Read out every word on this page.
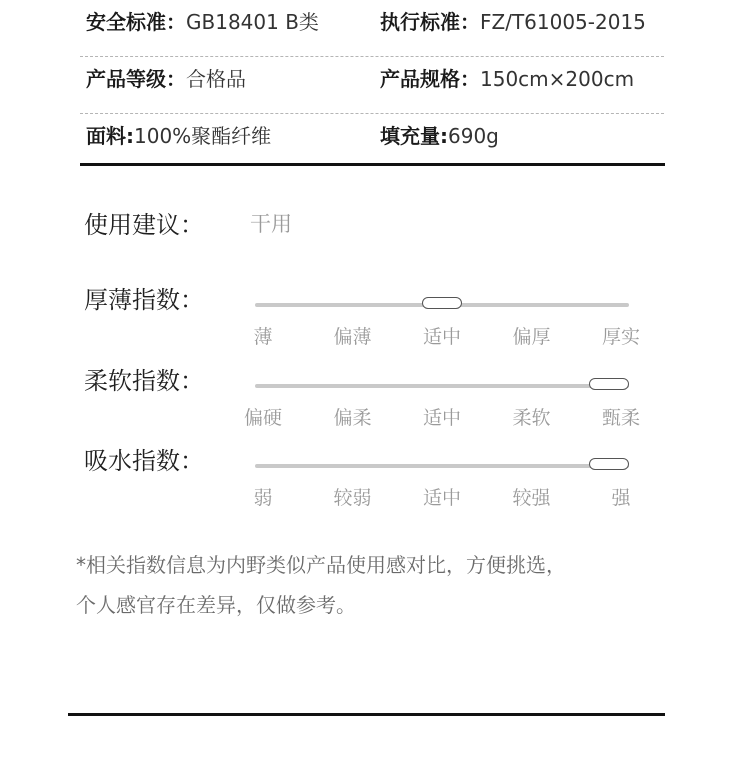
安全标准：GB18401 B类	执行标准：FZ/T61005-2015
产品等级：合格品	产品规格：150cm×200cm
面料:100%聚酯纤维	填充量:690g
使用建议： 干用
厚薄指数：
薄	偏薄	适中	偏厚	厚实
柔软指数：
偏硬	偏柔	适中	柔软	甄柔
吸水指数：
弱	较弱	适中	较强	强
*相关指数信息为内野类似产品使用感对比，方便挑选，
个人感官存在差异，仅做参考。
